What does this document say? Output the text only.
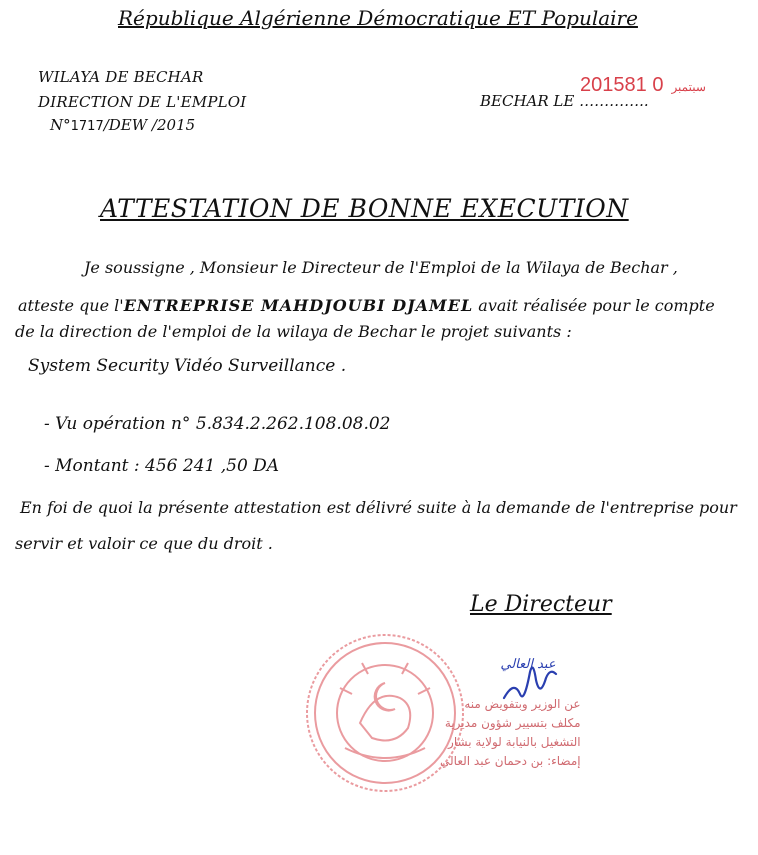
République Algérienne Démocratique ET Populaire
WILAYA DE BECHAR
DIRECTION DE L'EMPLOI
N°1717/DEW /2015
2015	سبتمبر0 81
BECHAR LE …………..
ATTESTATION DE BONNE EXECUTION
Je soussigne , Monsieur le Directeur de l'Emploi de la Wilaya de Bechar ,
atteste que l'ENTREPRISE MAHDJOUBI DJAMEL avait réalisée pour le compte
de la direction de l'emploi de la wilaya de Bechar le projet suivants :
System Security Vidéo Surveillance .
- Vu opération n° 5.834.2.262.108.08.02
- Montant : 456 241 ,50 DA
En foi de quoi la présente attestation est délivré suite à la demande de l'entreprise pour
servir et valoir ce que du droit .
Le Directeur
عبد العالي
عن الوزير وبتفويض منه
مكلف بتسيير شؤون مديرية
التشغيل بالنيابة لولاية بشار
إمضاء: بن دحمان عبد العالي
